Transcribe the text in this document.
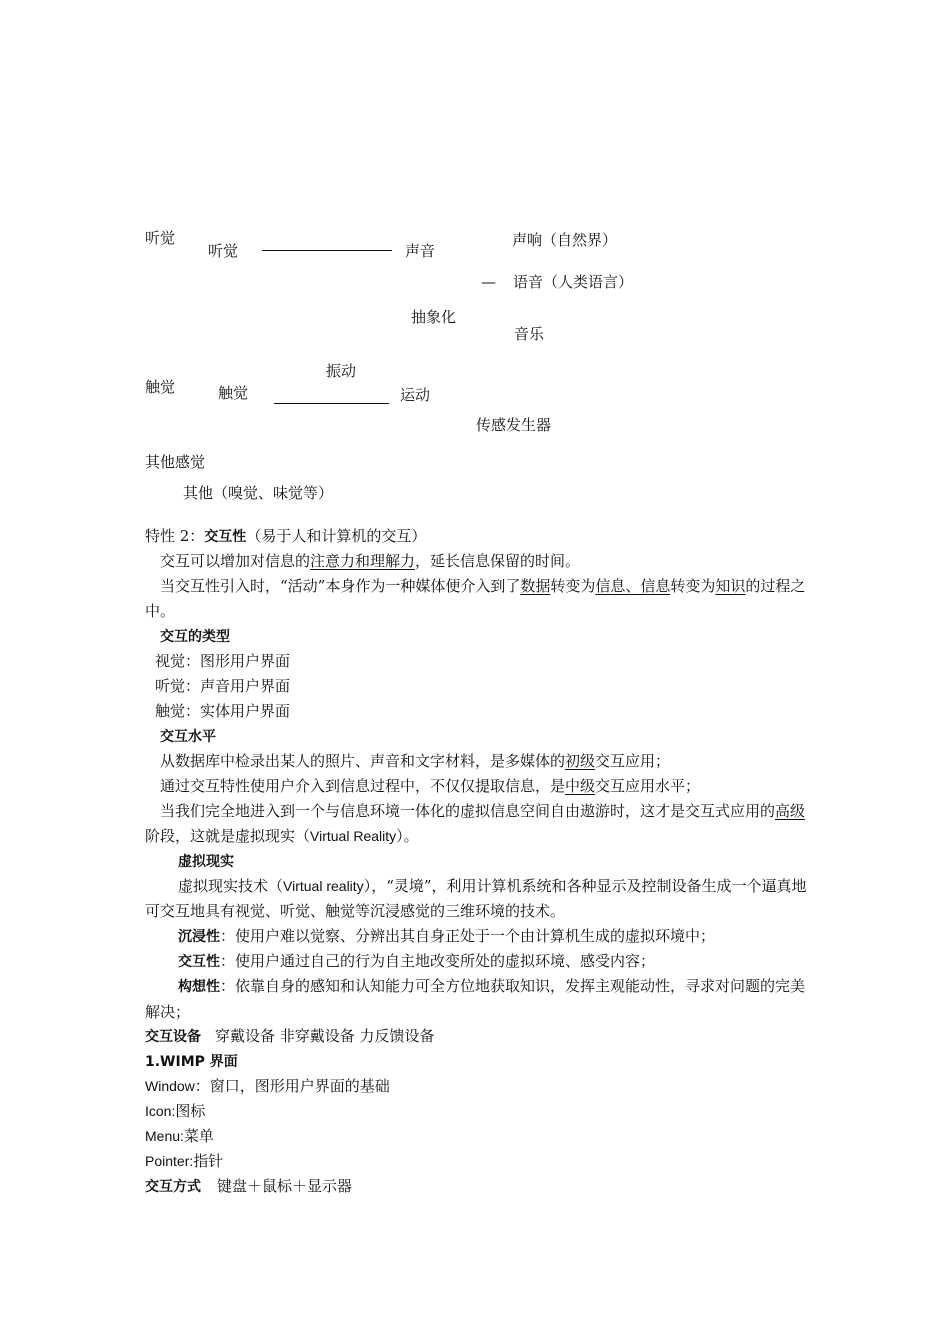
听觉
听觉	声音
声响（自然界）
— 语音（人类语言）
抽象化
音乐
触觉
振动
触觉	运动
传感发生器
其他感觉
其他（嗅觉、味觉等）
特性 2：交互性（易于人和计算机的交互）
交互可以增加对信息的注意力和理解力，延长信息保留的时间。
当交互性引入时，“活动”本身作为一种媒体便介入到了数据转变为信息、信息转变为知识的过程之中。
交互的类型
视觉：图形用户界面
听觉：声音用户界面
触觉：实体用户界面
交互水平
从数据库中检录出某人的照片、声音和文字材料，是多媒体的初级交互应用；
通过交互特性使用户介入到信息过程中，不仅仅提取信息，是中级交互应用水平；
当我们完全地进入到一个与信息环境一体化的虚拟信息空间自由遨游时，这才是交互式应用的高级阶段，这就是虚拟现实（Virtual Reality）。
虚拟现实
虚拟现实技术（Virtual reality），“灵境”，利用计算机系统和各种显示及控制设备生成一个逼真地可交互地具有视觉、听觉、触觉等沉浸感觉的三维环境的技术。
沉浸性：使用户难以觉察、分辨出其自身正处于一个由计算机生成的虚拟环境中；
交互性：使用户通过自己的行为自主地改变所处的虚拟环境、感受内容；
构想性：依靠自身的感知和认知能力可全方位地获取知识，发挥主观能动性，寻求对问题的完美解决；
交互设备 穿戴设备 非穿戴设备 力反馈设备
1.WIMP 界面
Window：窗口，图形用户界面的基础
Icon:图标
Menu:菜单
Pointer:指针
交互方式 键盘＋鼠标＋显示器
